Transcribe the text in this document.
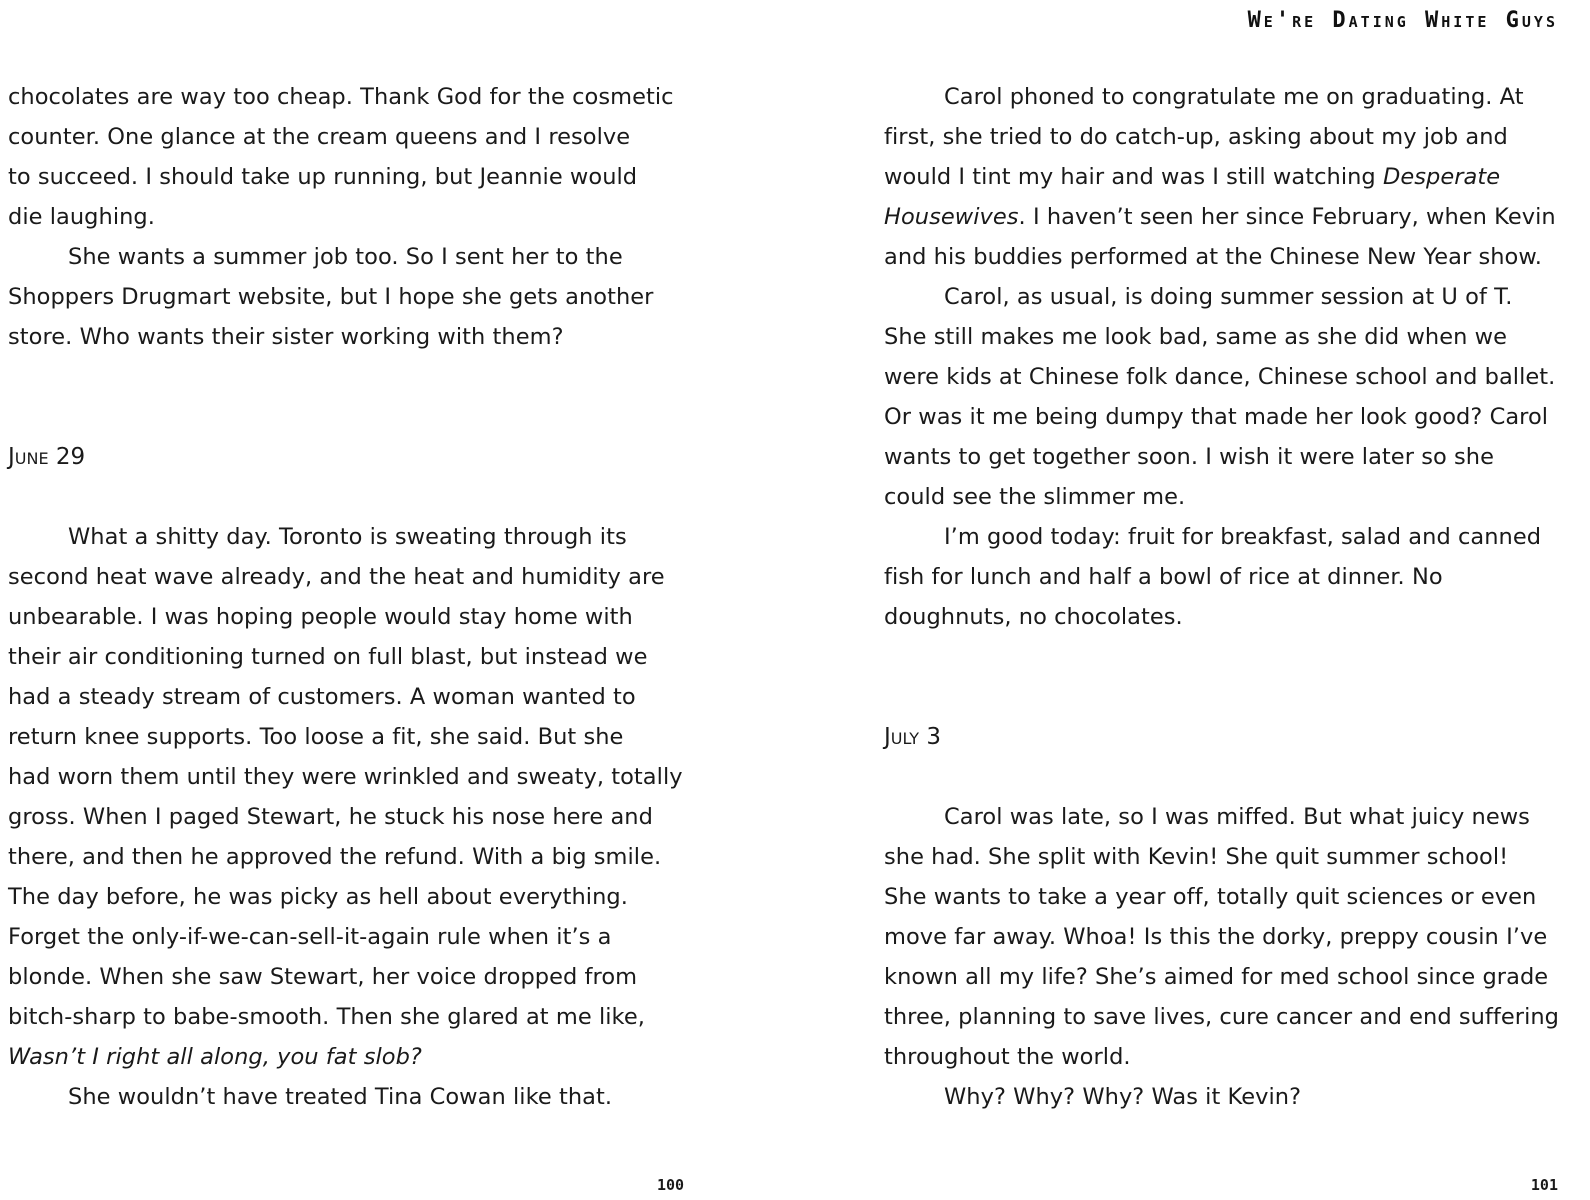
chocolates are way too cheap. Thank God for the cosmetic

counter. One glance at the cream queens and I resolve

to succeed. I should take up running, but Jeannie would

die laughing.

She wants a summer job too. So I sent her to the

Shoppers Drugmart website, but I hope she gets another

store. Who wants their sister working with them?

June 29

What a shitty day. Toronto is sweating through its

second heat wave already, and the heat and humidity are

unbearable. I was hoping people would stay home with

their air conditioning turned on full blast, but instead we

had a steady stream of customers. A woman wanted to

return knee supports. Too loose a fit, she said. But she

had worn them until they were wrinkled and sweaty, totally

gross. When I paged Stewart, he stuck his nose here and

there, and then he approved the refund. With a big smile.

The day before, he was picky as hell about everything.

Forget the only-if-we-can-sell-it-again rule when it’s a

blonde. When she saw Stewart, her voice dropped from

bitch-sharp to babe-smooth. Then she glared at me like,

Wasn’t I right all along, you fat slob?

She wouldn’t have treated Tina Cowan like that.

100
We're Dating White Guys

Carol phoned to congratulate me on graduating. At

first, she tried to do catch-up, asking about my job and

would I tint my hair and was I still watching Desperate

Housewives. I haven’t seen her since February, when Kevin

and his buddies performed at the Chinese New Year show.

Carol, as usual, is doing summer session at U of T.

She still makes me look bad, same as she did when we

were kids at Chinese folk dance, Chinese school and ballet.

Or was it me being dumpy that made her look good? Carol

wants to get together soon. I wish it were later so she

could see the slimmer me.

I’m good today: fruit for breakfast, salad and canned

fish for lunch and half a bowl of rice at dinner. No

doughnuts, no chocolates.

July 3

Carol was late, so I was miffed. But what juicy news

she had. She split with Kevin! She quit summer school!

She wants to take a year off, totally quit sciences or even

move far away. Whoa! Is this the dorky, preppy cousin I’ve

known all my life? She’s aimed for med school since grade

three, planning to save lives, cure cancer and end suffering

throughout the world.

Why? Why? Why? Was it Kevin?

101
